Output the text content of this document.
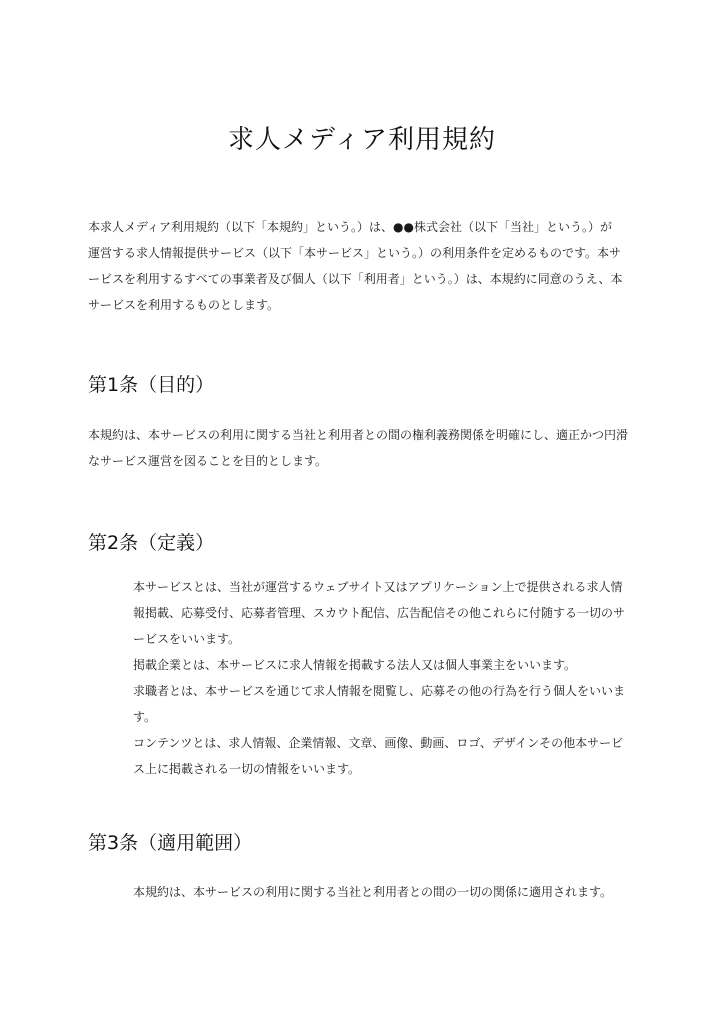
求人メディア利用規約

本求人メディア利用規約（以下「本規約」という。）は、●●株式会社（以下「当社」という。）が
運営する求人情報提供サービス（以下「本サービス」という。）の利用条件を定めるものです。本サ
ービスを利用するすべての事業者及び個人（以下「利用者」という。）は、本規約に同意のうえ、本
サービスを利用するものとします。

第1条（目的）

本規約は、本サービスの利用に関する当社と利用者との間の権利義務関係を明確にし、適正かつ円滑
なサービス運営を図ることを目的とします。

第2条（定義）

本サービスとは、当社が運営するウェブサイト又はアプリケーション上で提供される求人情
報掲載、応募受付、応募者管理、スカウト配信、広告配信その他これらに付随する一切のサ
ービスをいいます。
掲載企業とは、本サービスに求人情報を掲載する法人又は個人事業主をいいます。
求職者とは、本サービスを通じて求人情報を閲覧し、応募その他の行為を行う個人をいいま
す。
コンテンツとは、求人情報、企業情報、文章、画像、動画、ロゴ、デザインその他本サービ
ス上に掲載される一切の情報をいいます。

第3条（適用範囲）

本規約は、本サービスの利用に関する当社と利用者との間の一切の関係に適用されます。
